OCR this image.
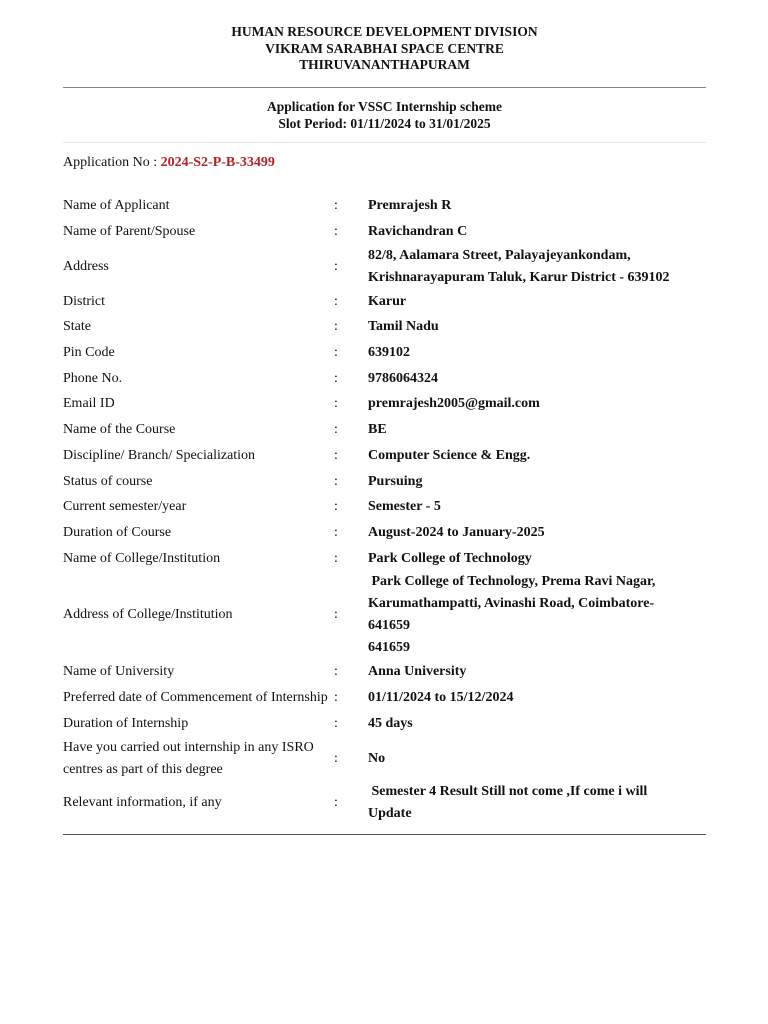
HUMAN RESOURCE DEVELOPMENT DIVISION
VIKRAM SARABHAI SPACE CENTRE
THIRUVANANTHAPURAM
Application for VSSC Internship scheme
Slot Period: 01/11/2024 to 31/01/2025
Application No : 2024-S2-P-B-33499
Name of Applicant	:	Premrajesh R

Name of Parent/Spouse	:	Ravichandran C

Address	:	82/8, Aalamara Street, Palayajeyankondam,
Krishnarayapuram Taluk, Karur District - 639102

District	:	Karur

State	:	Tamil Nadu

Pin Code	:	639102

Phone No.	:	9786064324

Email ID	:	premrajesh2005@gmail.com

Name of the Course	:	BE

Discipline/ Branch/ Specialization	:	Computer Science & Engg.

Status of course	:	Pursuing

Current semester/year	:	Semester - 5

Duration of Course	:	August-2024 to January-2025

Name of College/Institution	:	Park College of Technology

Address of College/Institution	:	Park College of Technology, Prema Ravi Nagar,
Karumathampatti, Avinashi Road, Coimbatore-
641659
641659

Name of University	:	Anna University

Preferred date of Commencement of Internship	:	01/11/2024 to 15/12/2024

Duration of Internship	:	45 days

Have you carried out internship in any ISRO centres as part of this degree	:	No

Relevant information, if any	:	Semester 4 Result Still not come ,If come i will
Update
